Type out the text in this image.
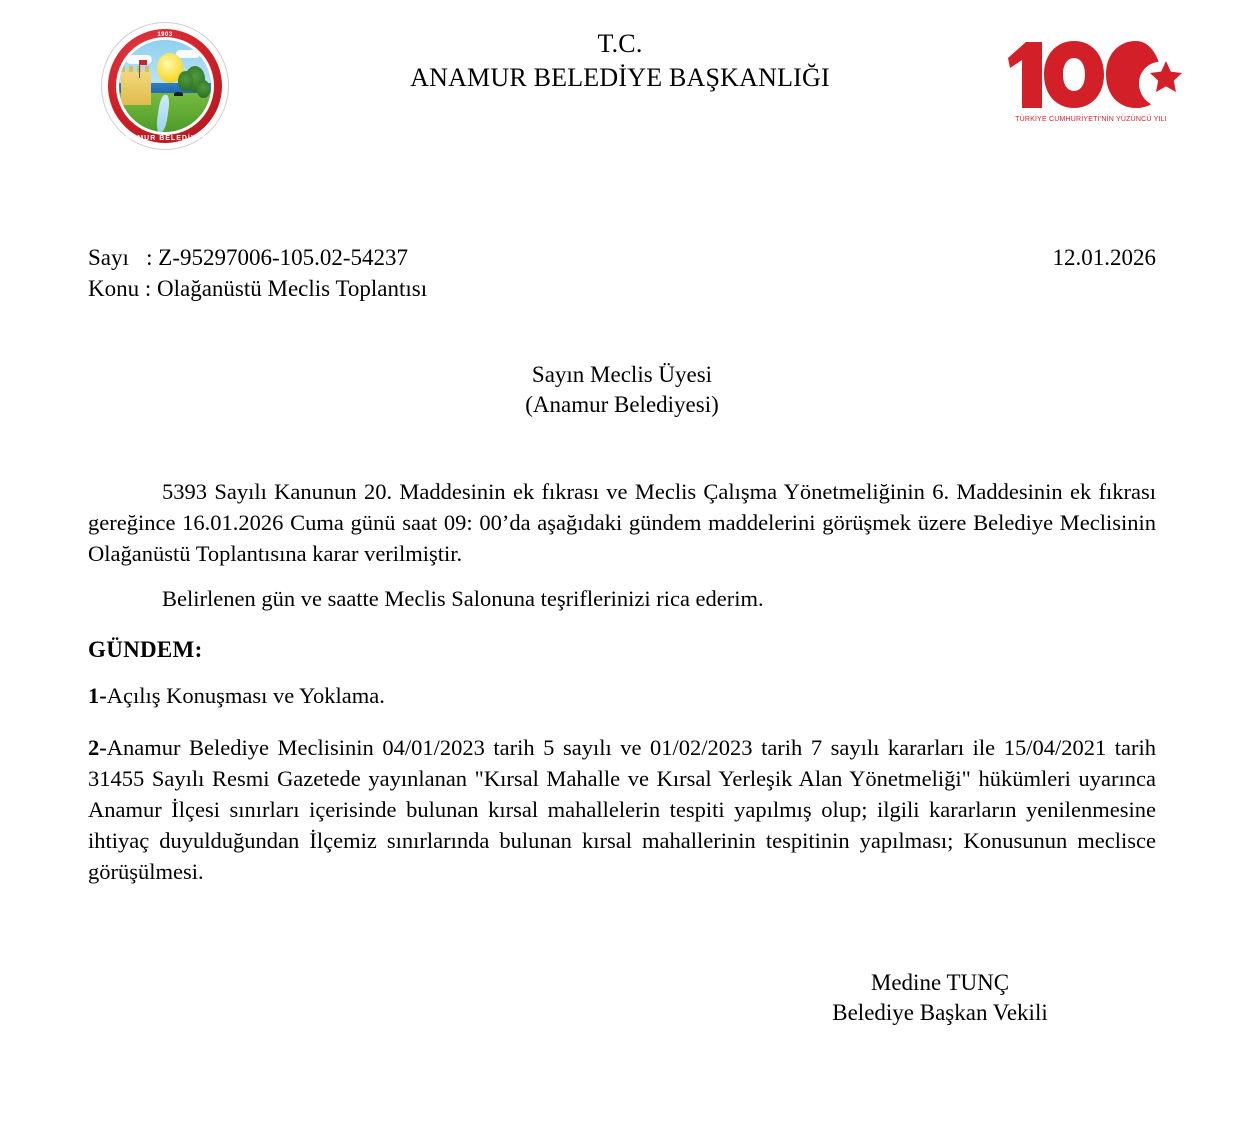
1903
ANAMUR BELEDİYESİ
T.C.
ANAMUR BELEDİYE BAŞKANLIĞI
TÜRKİYE CUMHURİYETİ'NİN YÜZÜNCÜ YILI
Sayı   : Z-95297006-105.02-54237
Konu : Olağanüstü Meclis Toplantısı
12.01.2026
Sayın Meclis Üyesi
(Anamur Belediyesi)
5393 Sayılı Kanunun 20. Maddesinin ek fıkrası ve Meclis Çalışma Yönetmeliğinin 6. Maddesinin ek fıkrası gereğince 16.01.2026 Cuma günü saat 09: 00’da aşağıdaki gündem maddelerini görüşmek üzere Belediye Meclisinin Olağanüstü Toplantısına karar verilmiştir.
Belirlenen gün ve saatte Meclis Salonuna teşriflerinizi rica ederim.
GÜNDEM:
1-Açılış Konuşması ve Yoklama.
2-Anamur Belediye Meclisinin 04/01/2023 tarih 5 sayılı ve 01/02/2023 tarih 7 sayılı kararları ile 15/04/2021 tarih 31455 Sayılı Resmi Gazetede yayınlanan "Kırsal Mahalle ve Kırsal Yerleşik Alan Yönetmeliği" hükümleri uyarınca Anamur İlçesi sınırları içerisinde bulunan kırsal mahallelerin tespiti yapılmış olup; ilgili kararların yenilenmesine ihtiyaç duyulduğundan İlçemiz sınırlarında bulunan kırsal mahallerinin tespitinin yapılması; Konusunun meclisce görüşülmesi.
Medine TUNÇ
Belediye Başkan Vekili
